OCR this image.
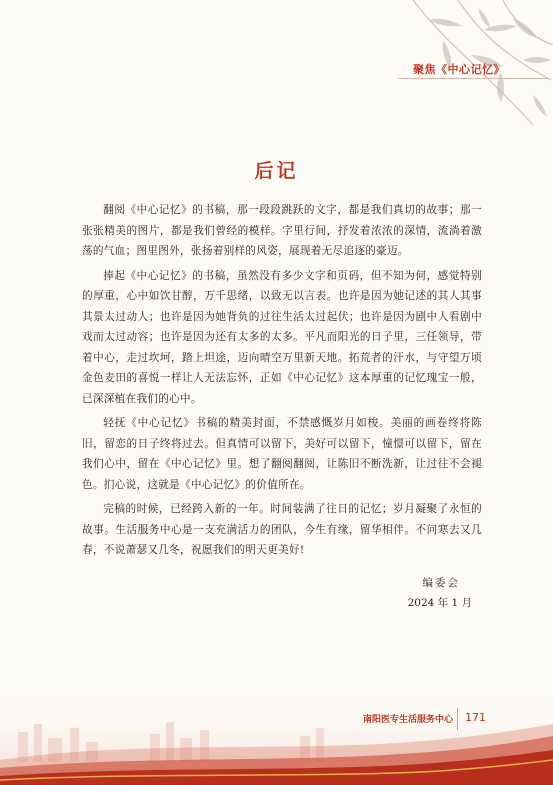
聚焦《中心记忆》
后记

翻阅《中心记忆》的书稿，那一段段跳跃的文字，都是我们真切的故事；那一张张精美的图片，都是我们曾经的模样。字里行间，抒发着浓浓的深情，流淌着激荡的气血；图里图外，张扬着别样的风姿，展现着无尽追逐的豪迈。

捧起《中心记忆》的书稿，虽然没有多少文字和页码，但不知为何，感觉特别的厚重，心中如饮甘醇，万千思绪，以致无以言表。也许是因为她记述的其人其事其景太过动人；也许是因为她背负的过往生活太过起伏；也许是因为剧中人看剧中戏而太过动容；也许是因为还有太多的太多。平凡而阳光的日子里，三任领导，带着中心，走过坎坷，踏上坦途，迈向晴空万里新天地。拓荒者的汗水，与守望万顷金色麦田的喜悦一样让人无法忘怀，正如《中心记忆》这本厚重的记忆瑰宝一般，已深深植在我们的心中。

轻抚《中心记忆》书稿的精美封面，不禁感慨岁月如梭。美丽的画卷终将陈旧，留恋的日子终将过去。但真情可以留下，美好可以留下，憧憬可以留下，留在我们心中，留在《中心记忆》里。想了翻阅翻阅，让陈旧不断洗新，让过往不会褪色。扪心说，这就是《中心记忆》的价值所在。

完稿的时候，已经跨入新的一年。时间装满了往日的记忆；岁月凝聚了永恒的故事。生活服务中心是一支充满活力的团队，今生有缘，留华相伴。不问寒去又几春，不说萧瑟又几冬，祝愿我们的明天更美好!

编委会
2024 年 1 月
南阳医专生活服务中心 171
